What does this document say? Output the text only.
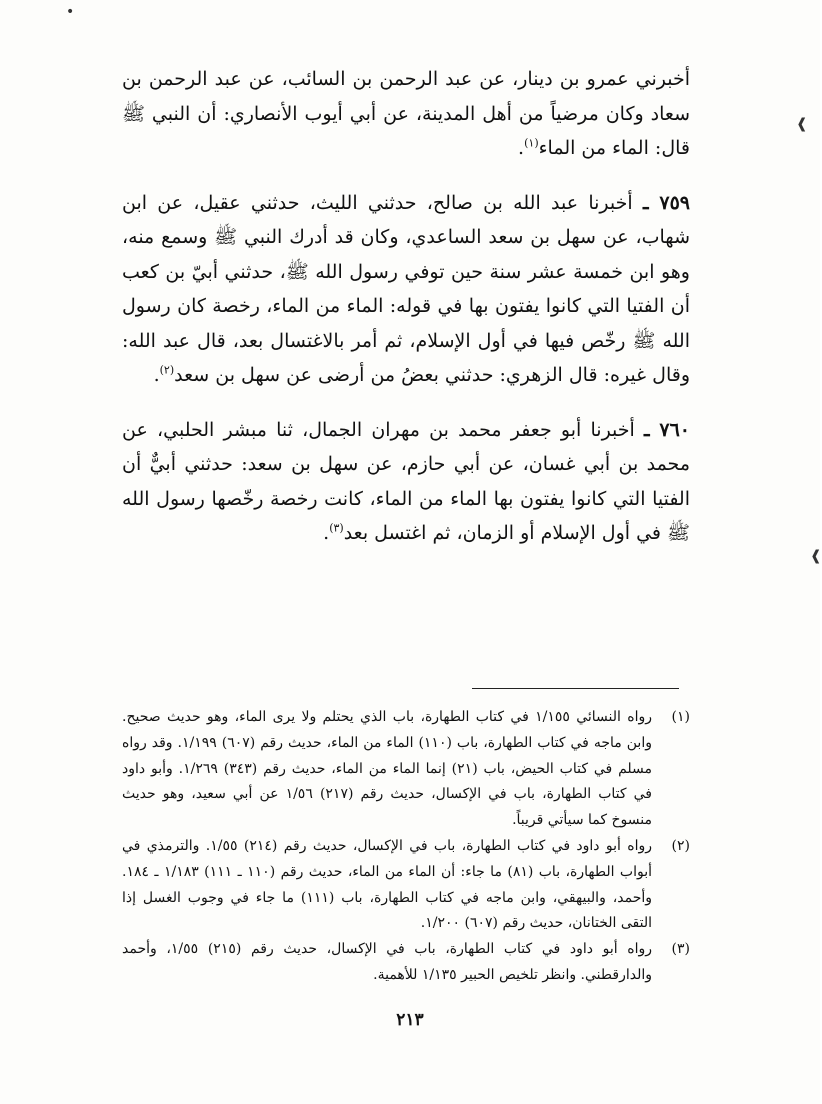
•
❰
❰

أخبرني عمرو بن دينار، عن عبد الرحمن بن السائب، عن عبد الرحمن بن سعاد وكان مرضياً من أهل المدينة، عن أبي أيوب الأنصاري: أن النبي ﷺ قال: الماء من الماء$^{(١)}$.

٧٥٩ ـ أخبرنا عبد الله بن صالح، حدثني الليث، حدثني عقيل، عن ابن شهاب، عن سهل بن سعد الساعدي، وكان قد أدرك النبي ﷺ وسمع منه، وهو ابن خمسة عشر سنة حين توفي رسول الله ﷺ، حدثني أبيّ بن كعب أن الفتيا التي كانوا يفتون بها في قوله: الماء من الماء، رخصة كان رسول الله ﷺ رخّص فيها في أول الإسلام، ثم أمر بالاغتسال بعد، قال عبد الله: وقال غيره: قال الزهري: حدثني بعضُ من أرضى عن سهل بن سعد$^{(٢)}$.

٧٦٠ ـ أخبرنا أبو جعفر محمد بن مهران الجمال، ثنا مبشر الحلبي، عن محمد بن أبي غسان، عن أبي حازم، عن سهل بن سعد: حدثني أبيٌّ أن الفتيا التي كانوا يفتون بها الماء من الماء، كانت رخصة رخّصها رسول الله ﷺ في أول الإسلام أو الزمان، ثم اغتسل بعد$^{(٣)}$.

(١)
رواه النسائي ١/١٥٥ في كتاب الطهارة، باب الذي يحتلم ولا يرى الماء، وهو حديث صحيح. وابن ماجه في كتاب الطهارة، باب (١١٠) الماء من الماء، حديث رقم (٦٠٧) ١/١٩٩. وقد رواه مسلم في كتاب الحيض، باب (٢١) إنما الماء من الماء، حديث رقم (٣٤٣) ١/٢٦٩. وأبو داود في كتاب الطهارة، باب في الإكسال، حديث رقم (٢١٧) ١/٥٦ عن أبي سعيد، وهو حديث منسوخ كما سيأتي قريباً.
(٢)
رواه أبو داود في كتاب الطهارة، باب في الإكسال، حديث رقم (٢١٤) ١/٥٥. والترمذي في أبواب الطهارة، باب (٨١) ما جاء: أن الماء من الماء، حديث رقم (١١٠ ـ ١١١) ١/١٨٣ ـ ١٨٤. وأحمد، والبيهقي، وابن ماجه في كتاب الطهارة، باب (١١١) ما جاء في وجوب الغسل إذا التقى الختانان، حديث رقم (٦٠٧) ١/٢٠٠.
(٣)
رواه أبو داود في كتاب الطهارة، باب في الإكسال، حديث رقم (٢١٥) ١/٥٥، وأحمد والدارقطني. وانظر تلخيص الحبير ١/١٣٥ للأهمية.
٢١٣
